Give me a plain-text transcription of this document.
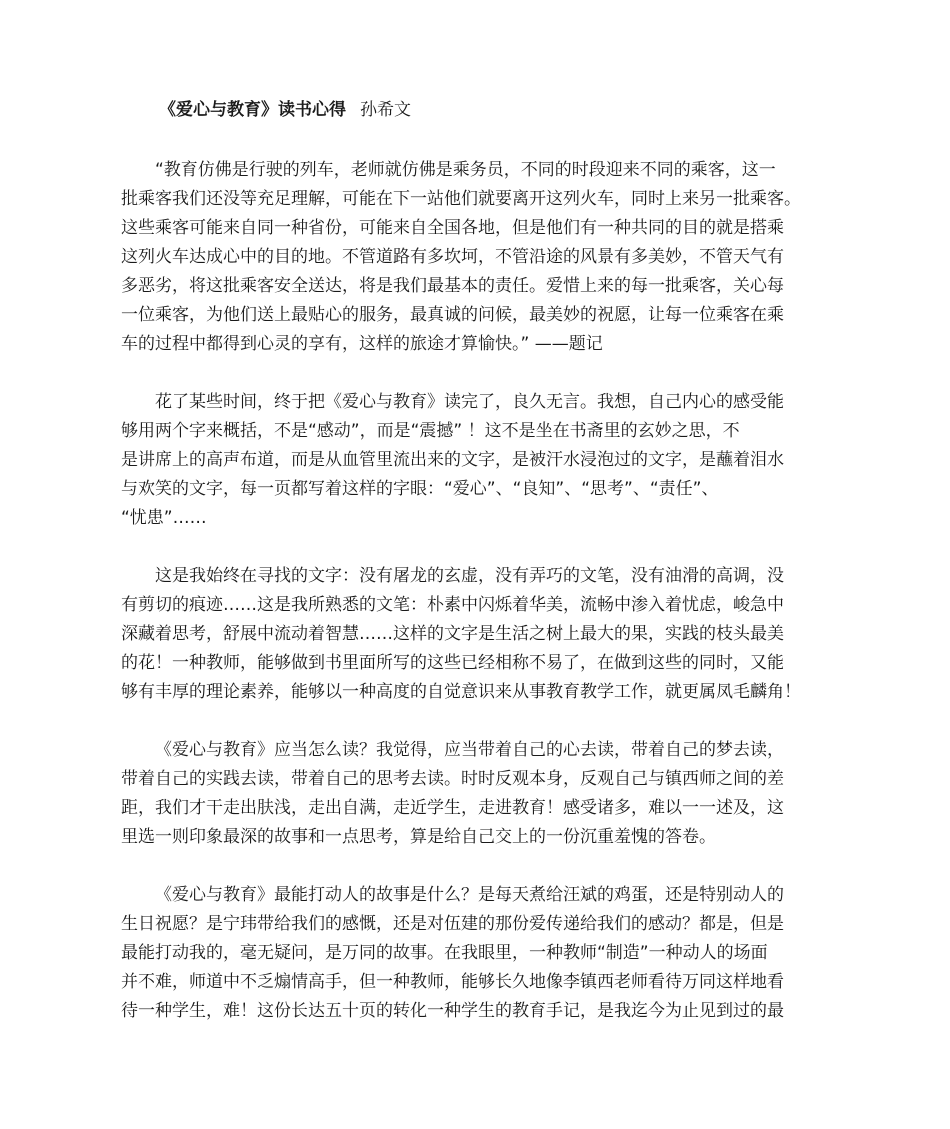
《爱心与教育》读书心得 孙希文
“教育仿佛是行驶的列车，老师就仿佛是乘务员，不同的时段迎来不同的乘客，这一
批乘客我们还没等充足理解，可能在下一站他们就要离开这列火车，同时上来另一批乘客。
这些乘客可能来自同一种省份，可能来自全国各地，但是他们有一种共同的目的就是搭乘
这列火车达成心中的目的地。不管道路有多坎坷，不管沿途的风景有多美妙，不管天气有
多恶劣，将这批乘客安全送达，将是我们最基本的责任。爱惜上来的每一批乘客，关心每
一位乘客，为他们送上最贴心的服务，最真诚的问候，最美妙的祝愿，让每一位乘客在乘
车的过程中都得到心灵的享有，这样的旅途才算愉快。” ——题记
花了某些时间，终于把《爱心与教育》读完了，良久无言。我想，自己内心的感受能
够用两个字来概括，不是“感动”，而是“震撼” ！这不是坐在书斋里的玄妙之思，不
是讲席上的高声布道，而是从血管里流出来的文字，是被汗水浸泡过的文字，是蘸着泪水
与欢笑的文字，每一页都写着这样的字眼：“爱心”、“良知”、“思考”、“责任”、
“忧患”……
这是我始终在寻找的文字：没有屠龙的玄虚，没有弄巧的文笔，没有油滑的高调，没
有剪切的痕迹……这是我所熟悉的文笔：朴素中闪烁着华美，流畅中渗入着忧虑，峻急中
深藏着思考，舒展中流动着智慧……这样的文字是生活之树上最大的果，实践的枝头最美
的花！一种教师，能够做到书里面所写的这些已经相称不易了，在做到这些的同时，又能
够有丰厚的理论素养，能够以一种高度的自觉意识来从事教育教学工作，就更属凤毛麟角！
《爱心与教育》应当怎么读？我觉得，应当带着自己的心去读，带着自己的梦去读，
带着自己的实践去读，带着自己的思考去读。时时反观本身，反观自己与镇西师之间的差
距，我们才干走出肤浅，走出自满，走近学生，走进教育！感受诸多，难以一一述及，这
里选一则印象最深的故事和一点思考，算是给自己交上的一份沉重羞愧的答卷。
《爱心与教育》最能打动人的故事是什么？是每天煮给汪斌的鸡蛋，还是特别动人的
生日祝愿？是宁玮带给我们的感慨，还是对伍建的那份爱传递给我们的感动？都是，但是
最能打动我的，毫无疑问，是万同的故事。在我眼里，一种教师“制造”一种动人的场面
并不难，师道中不乏煽情高手，但一种教师，能够长久地像李镇西老师看待万同这样地看
待一种学生，难！这份长达五十页的转化一种学生的教育手记，是我迄今为止见到过的最
